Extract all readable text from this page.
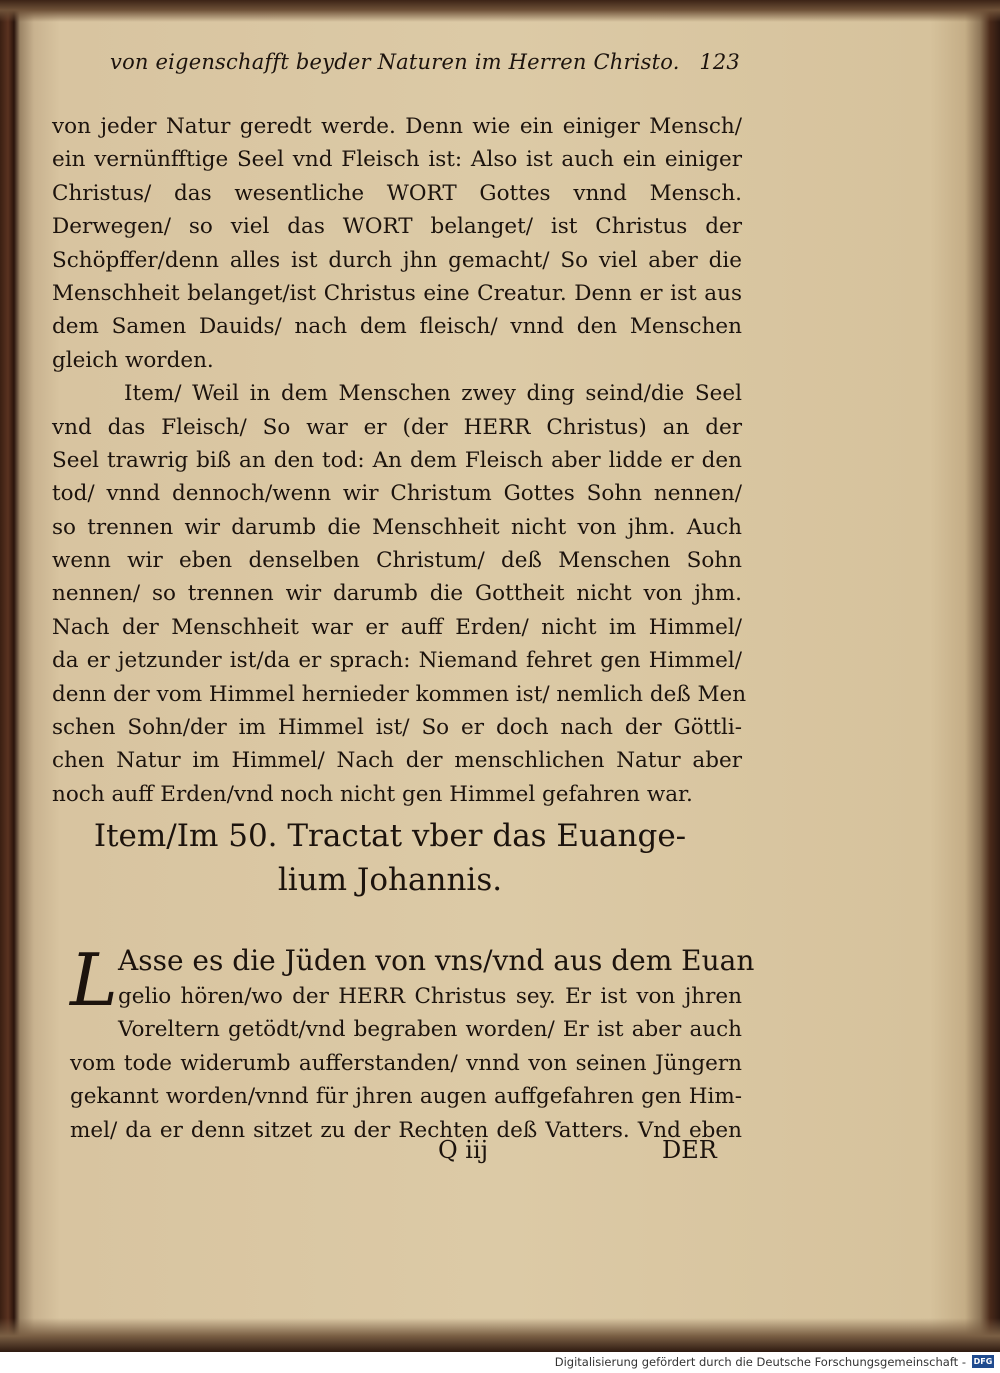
von eigenschafft beyder Naturen im Herren Christo. 123
von jeder Natur geredt werde. Denn wie ein einiger Mensch/
ein vernünfftige Seel vnd Fleisch ist: Also ist auch ein einiger
Christus/ das wesentliche WORT Gottes vnnd Mensch.
Derwegen/ so viel das WORT belanget/ ist Christus der
Schöpffer/denn alles ist durch jhn gemacht/ So viel aber die
Menschheit belanget/ist Christus eine Creatur. Denn er ist aus
dem Samen Dauids/ nach dem fleisch/ vnnd den Menschen
gleich worden.
Item/ Weil in dem Menschen zwey ding seind/die Seel
vnd das Fleisch/ So war er (der HERR Christus) an der
Seel trawrig biß an den tod: An dem Fleisch aber lidde er den
tod/ vnnd dennoch/wenn wir Christum Gottes Sohn nennen/
so trennen wir darumb die Menschheit nicht von jhm. Auch
wenn wir eben denselben Christum/ deß Menschen Sohn
nennen/ so trennen wir darumb die Gottheit nicht von jhm.
Nach der Menschheit war er auff Erden/ nicht im Himmel/
da er jetzunder ist/da er sprach: Niemand fehret gen Himmel/
denn der vom Himmel hernieder kommen ist/ nemlich deß Men
schen Sohn/der im Himmel ist/ So er doch nach der Göttli-
chen Natur im Himmel/ Nach der menschlichen Natur aber
noch auff Erden/vnd noch nicht gen Himmel gefahren war.
Item/Im 50. Tractat vber das Euange-
lium Johannis.
L Asse es die Jüden von vns/vnd aus dem Euan
gelio hören/wo der HERR Christus sey. Er ist von jhren
Voreltern getödt/vnd begraben worden/ Er ist aber auch
vom tode widerumb aufferstanden/ vnnd von seinen Jüngern
gekannt worden/vnnd für jhren augen auffgefahren gen Him-
mel/ da er denn sitzet zu der Rechten deß Vatters. Vnd eben
Q iij	DER
Digitalisierung gefördert durch die Deutsche Forschungsgemeinschaft - DFG
